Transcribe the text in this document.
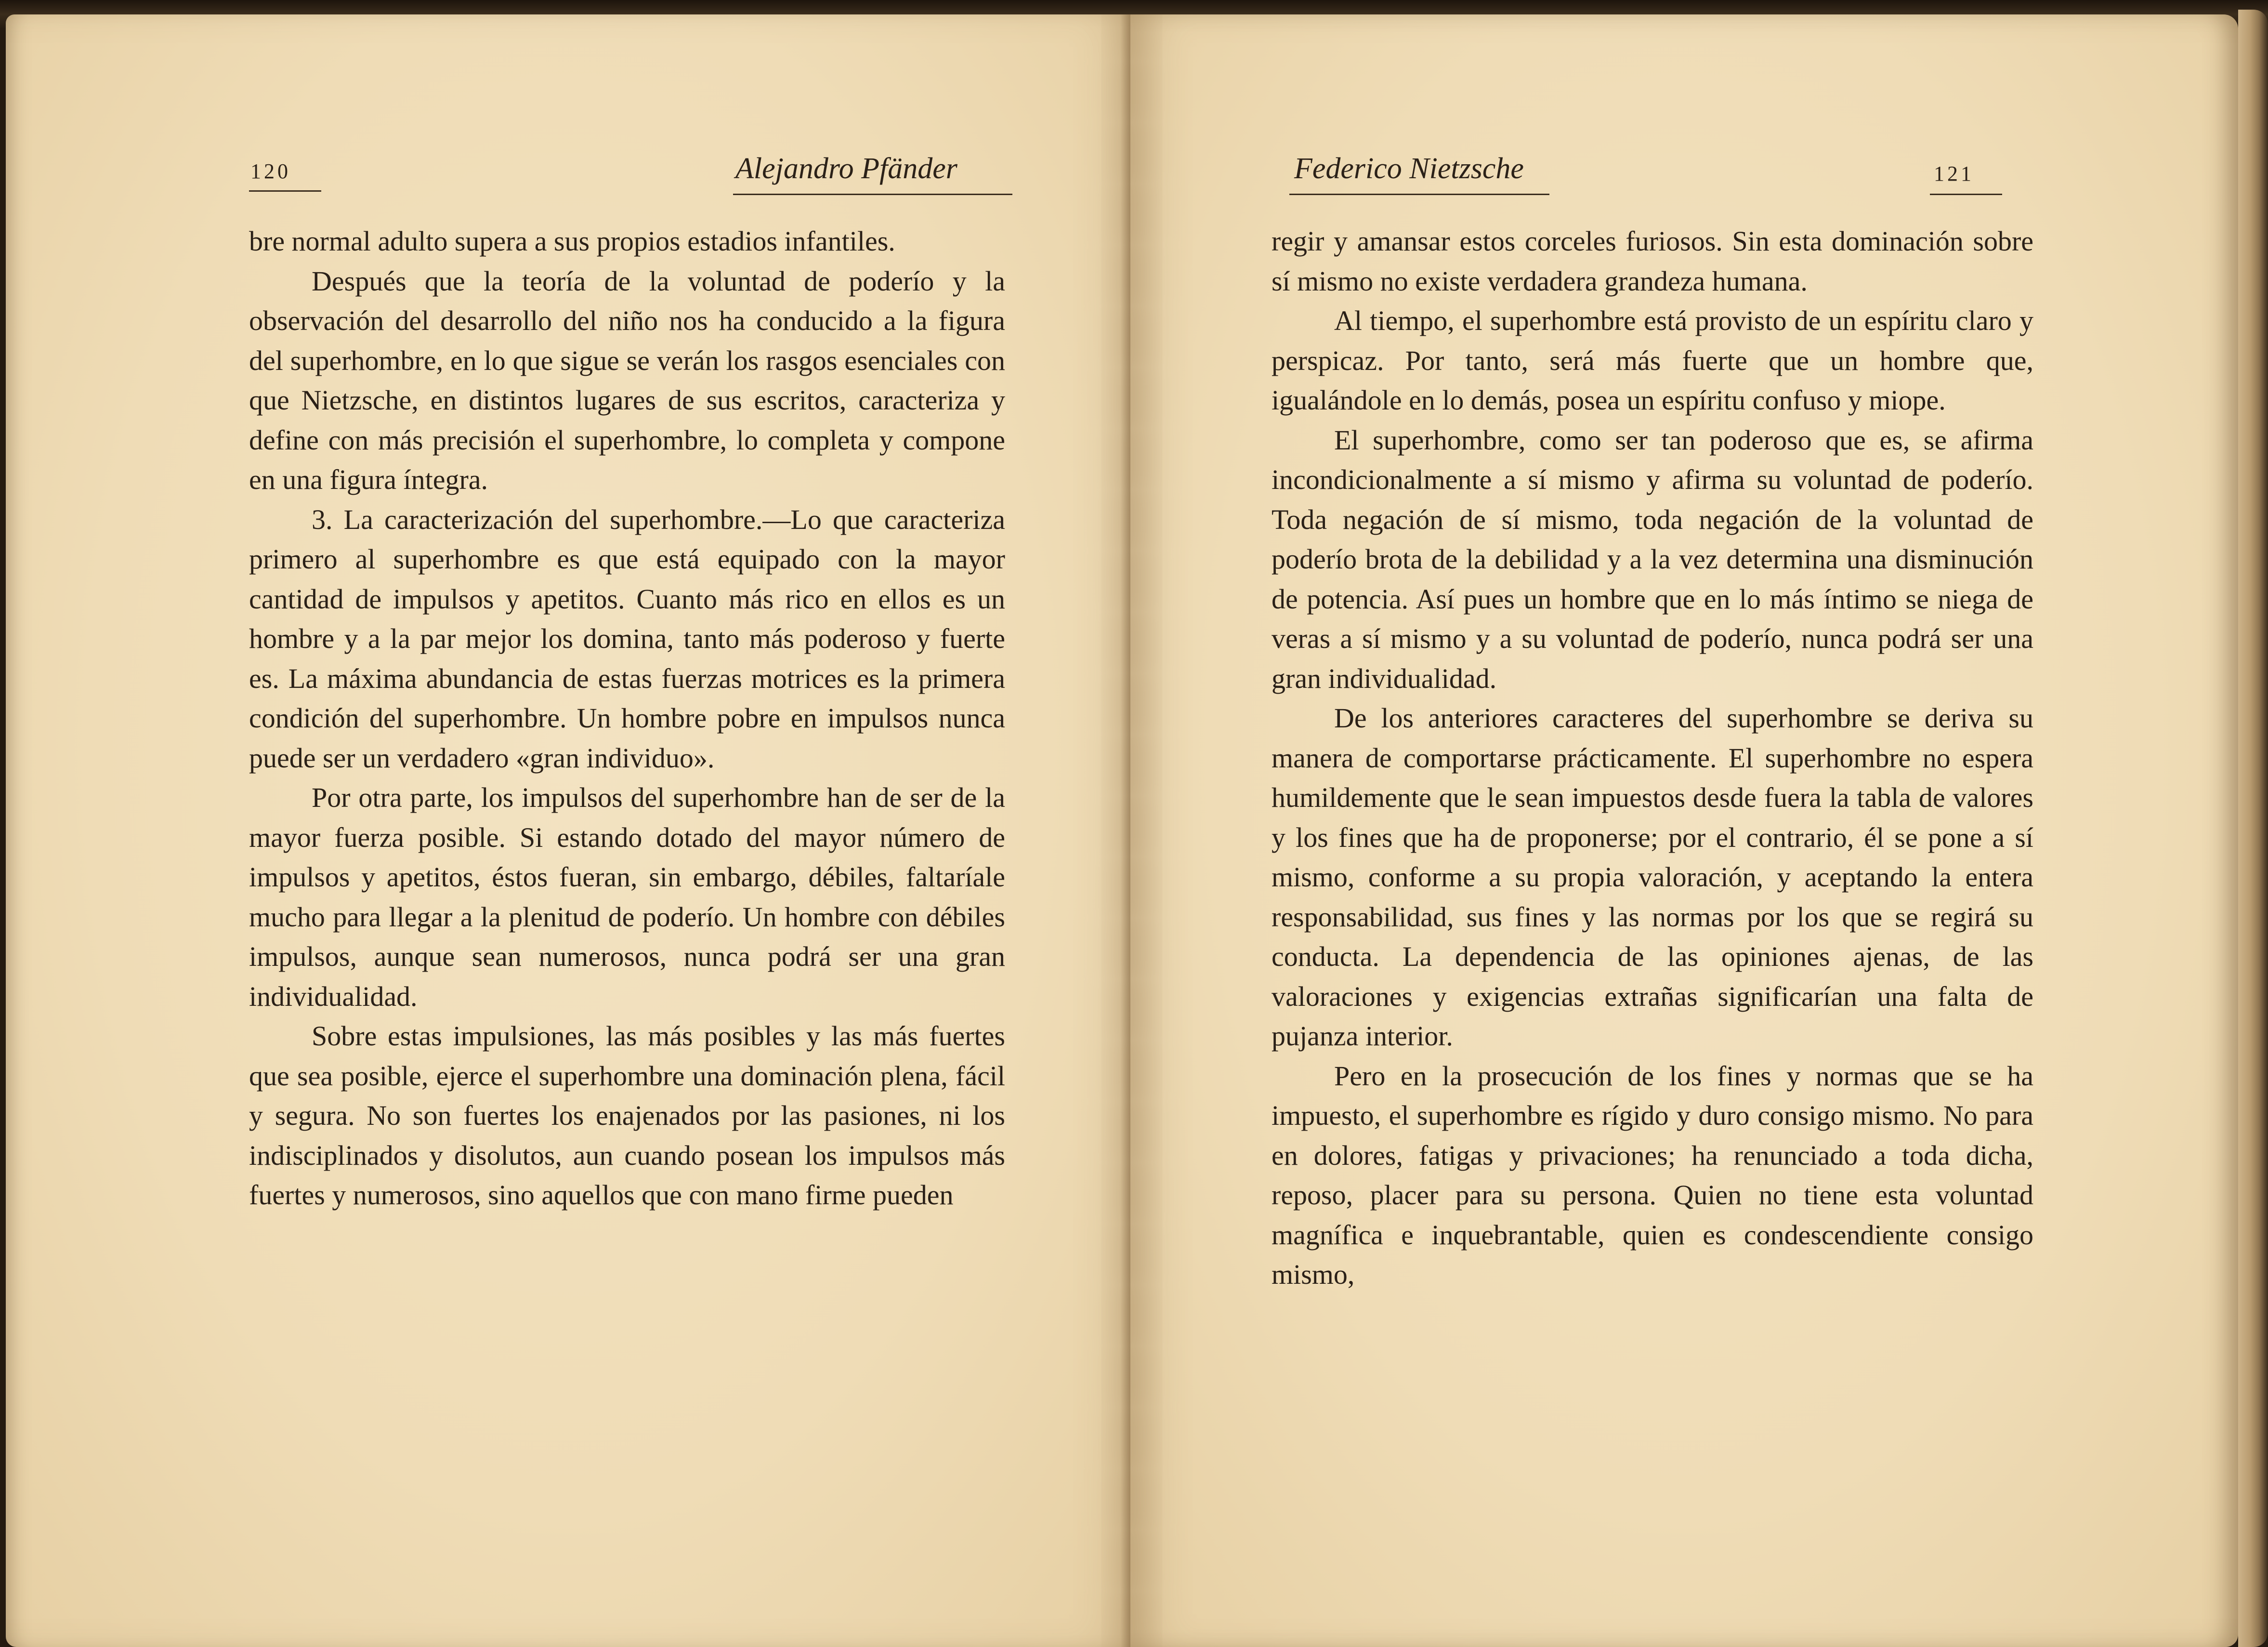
120	Alejandro Pfänder

bre normal adulto supera a sus propios estadios infantiles.

Después que la teoría de la voluntad de poderío y la observación del desarrollo del niño nos ha conducido a la figura del superhombre, en lo que sigue se verán los rasgos esenciales con que Nietzsche, en distintos lugares de sus escritos, caracteriza y define con más precisión el superhombre, lo completa y compone en una figura íntegra.

3. La caracterización del superhombre.—Lo que caracteriza primero al superhombre es que está equipado con la mayor cantidad de impulsos y apetitos. Cuanto más rico en ellos es un hombre y a la par mejor los domina, tanto más poderoso y fuerte es. La máxima abundancia de estas fuerzas motrices es la primera condición del superhombre. Un hombre pobre en impulsos nunca puede ser un verdadero «gran individuo».

Por otra parte, los impulsos del superhombre han de ser de la mayor fuerza posible. Si estando dotado del mayor número de impulsos y apetitos, éstos fueran, sin embargo, débiles, faltaríale mucho para llegar a la plenitud de poderío. Un hombre con débiles impulsos, aunque sean numerosos, nunca podrá ser una gran individualidad.

Sobre estas impulsiones, las más posibles y las más fuertes que sea posible, ejerce el superhombre una dominación plena, fácil y segura. No son fuertes los enajenados por las pasiones, ni los indisciplinados y disolutos, aun cuando posean los impulsos más fuertes y numerosos, sino aquellos que con mano firme pueden

Federico Nietzsche	121

regir y amansar estos corceles furiosos. Sin esta dominación sobre sí mismo no existe verdadera grandeza humana.

Al tiempo, el superhombre está provisto de un espíritu claro y perspicaz. Por tanto, será más fuerte que un hombre que, igualándole en lo demás, posea un espíritu confuso y miope.

El superhombre, como ser tan poderoso que es, se afirma incondicionalmente a sí mismo y afirma su voluntad de poderío. Toda negación de sí mismo, toda negación de la voluntad de poderío brota de la debilidad y a la vez determina una disminución de potencia. Así pues un hombre que en lo más íntimo se niega de veras a sí mismo y a su voluntad de poderío, nunca podrá ser una gran individualidad.

De los anteriores caracteres del superhombre se deriva su manera de comportarse prácticamente. El superhombre no espera humildemente que le sean impuestos desde fuera la tabla de valores y los fines que ha de proponerse; por el contrario, él se pone a sí mismo, conforme a su propia valoración, y aceptando la entera responsabilidad, sus fines y las normas por los que se regirá su conducta. La dependencia de las opiniones ajenas, de las valoraciones y exigencias extrañas significarían una falta de pujanza interior.

Pero en la prosecución de los fines y normas que se ha impuesto, el superhombre es rígido y duro consigo mismo. No para en dolores, fatigas y privaciones; ha renunciado a toda dicha, reposo, placer para su persona. Quien no tiene esta voluntad magnífica e inquebrantable, quien es condescendiente consigo mismo,
